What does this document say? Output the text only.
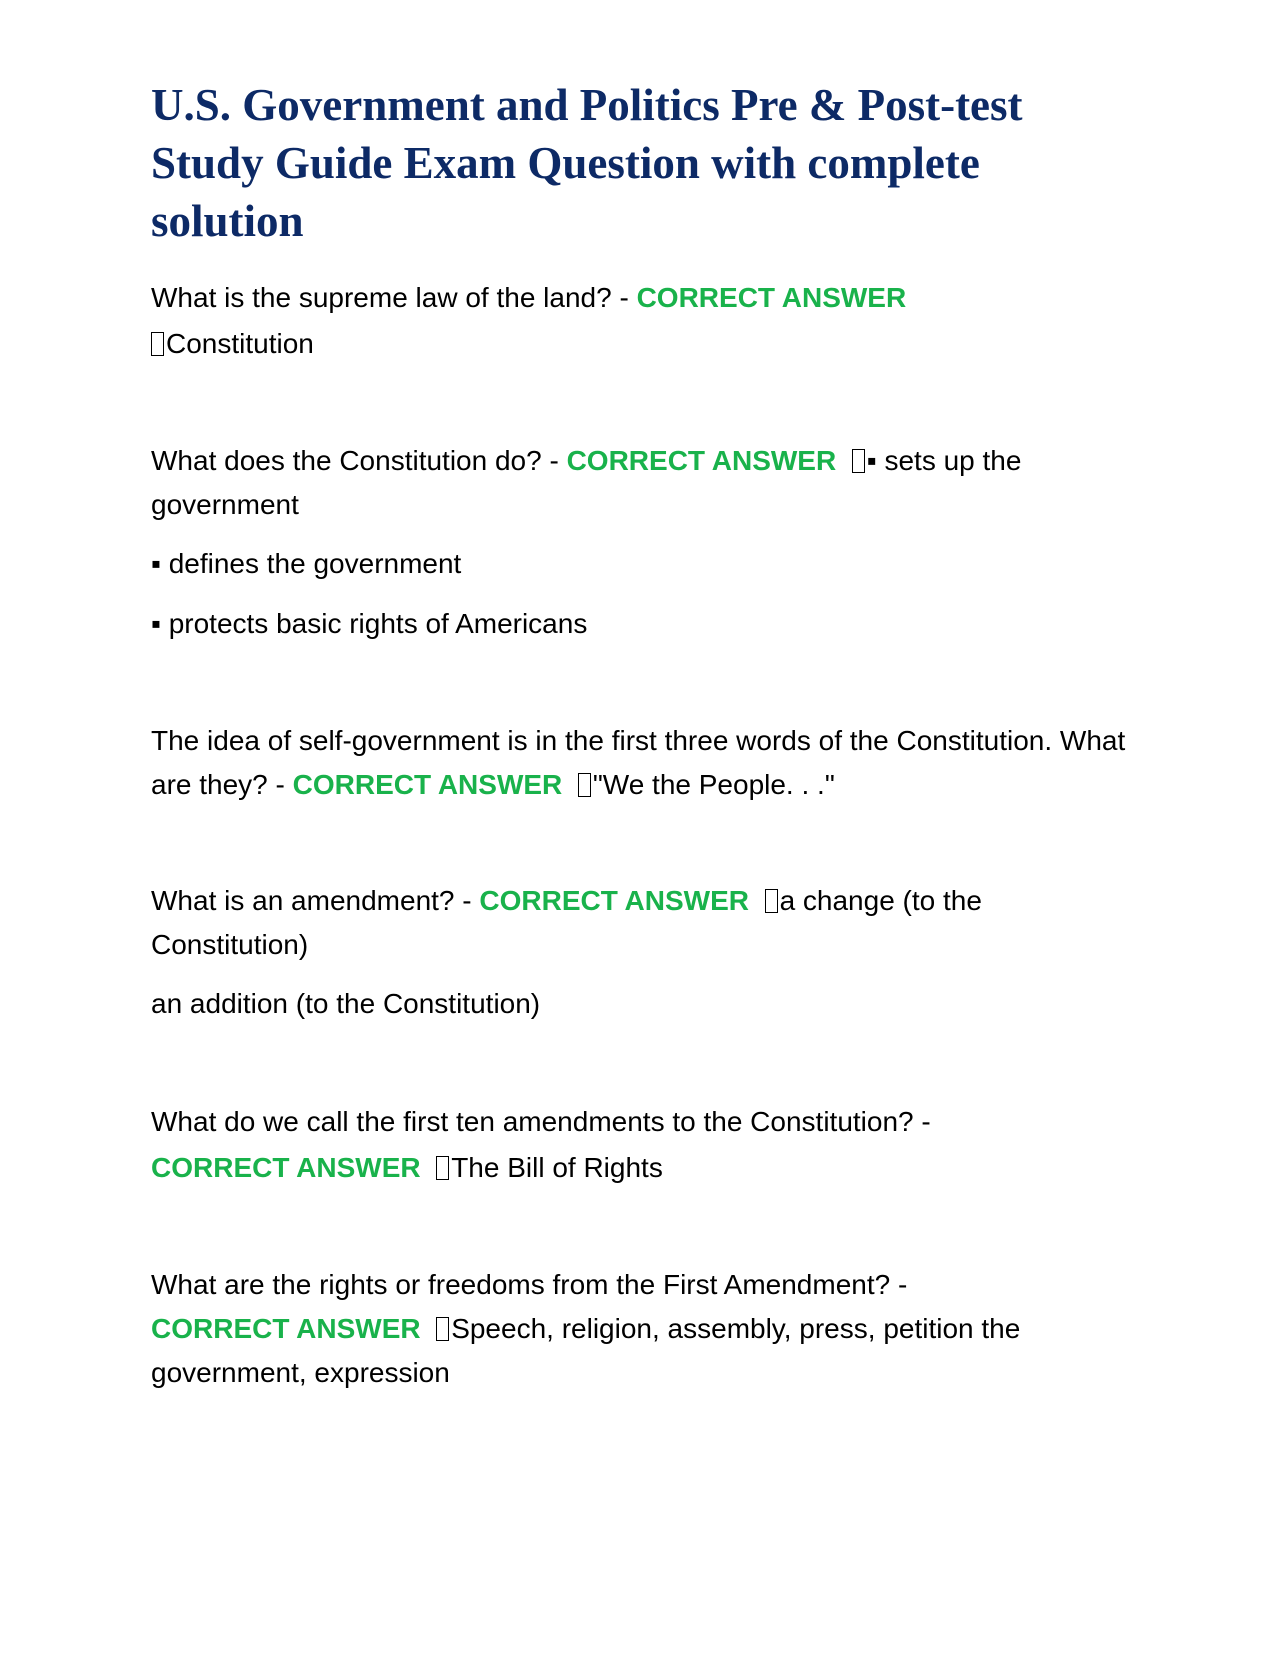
U.S. Government and Politics Pre & Post-test Study Guide Exam Question with complete solution

What is the supreme law of the land? - CORRECT ANSWER
Constitution

What does the Constitution do? - CORRECT ANSWER ▪ sets up the government

▪ defines the government

▪ protects basic rights of Americans

The idea of self-government is in the first three words of the Constitution. What are they? - CORRECT ANSWER "We the People. . ."

What is an amendment? - CORRECT ANSWER a change (to the Constitution)

an addition (to the Constitution)

What do we call the first ten amendments to the Constitution? -
CORRECT ANSWER The Bill of Rights

What are the rights or freedoms from the First Amendment? -
CORRECT ANSWER Speech, religion, assembly, press, petition the government, expression
